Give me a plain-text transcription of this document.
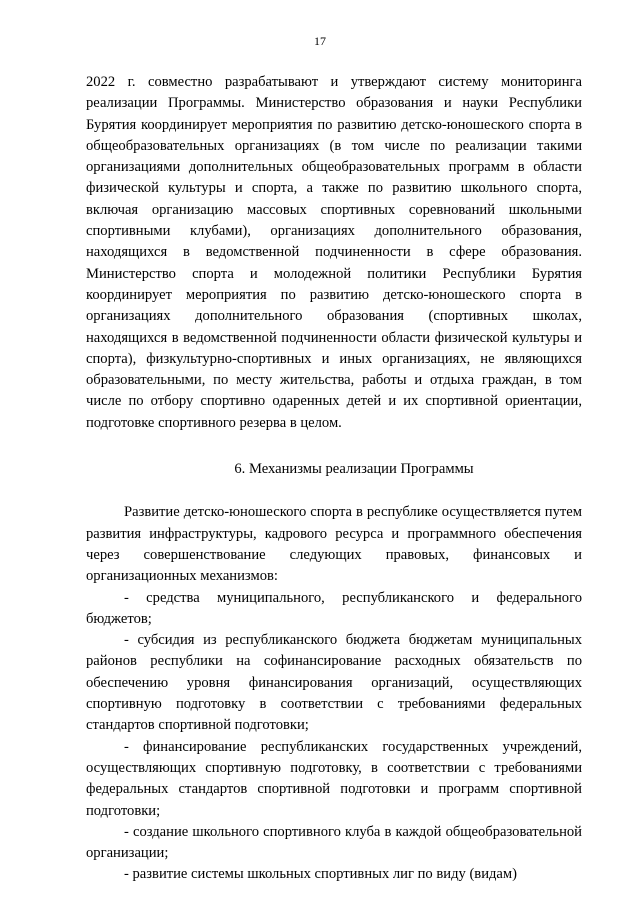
17

2022 г. совместно разрабатывают и утверждают систему мониторинга реализации Программы. Министерство образования и науки Республики Бурятия координирует мероприятия по развитию детско-юношеского спорта в общеобразовательных организациях (в том числе по реализации такими организациями дополнительных общеобразовательных программ в области физической культуры и спорта, а также по развитию школьного спорта, включая организацию массовых спортивных соревнований школьными спортивными клубами), организациях дополнительного образования, находящихся в ведомственной подчиненности в сфере образования. Министерство спорта и молодежной политики Республики Бурятия координирует мероприятия по развитию детско-юношеского спорта в организациях дополнительного образования (спортивных школах, находящихся в ведомственной подчиненности области физической культуры и спорта), физкультурно-спортивных и иных организациях, не являющихся образовательными, по месту жительства, работы и отдыха граждан, в том числе по отбору спортивно одаренных детей и их спортивной ориентации, подготовке спортивного резерва в целом.

6. Механизмы реализации Программы

Развитие детско-юношеского спорта в республике осуществляется путем развития инфраструктуры, кадрового ресурса и программного обеспечения через совершенствование следующих правовых, финансовых и организационных механизмов:

- средства муниципального, республиканского и федерального бюджетов;

- субсидия из республиканского бюджета бюджетам муниципальных районов республики на софинансирование расходных обязательств по обеспечению уровня финансирования организаций, осуществляющих спортивную подготовку в соответствии с требованиями федеральных стандартов спортивной подготовки;

- финансирование республиканских государственных учреждений, осуществляющих спортивную подготовку, в соответствии с требованиями федеральных стандартов спортивной подготовки и программ спортивной подготовки;

- создание школьного спортивного клуба в каждой общеобразовательной организации;

- развитие системы школьных спортивных лиг по виду (видам)
